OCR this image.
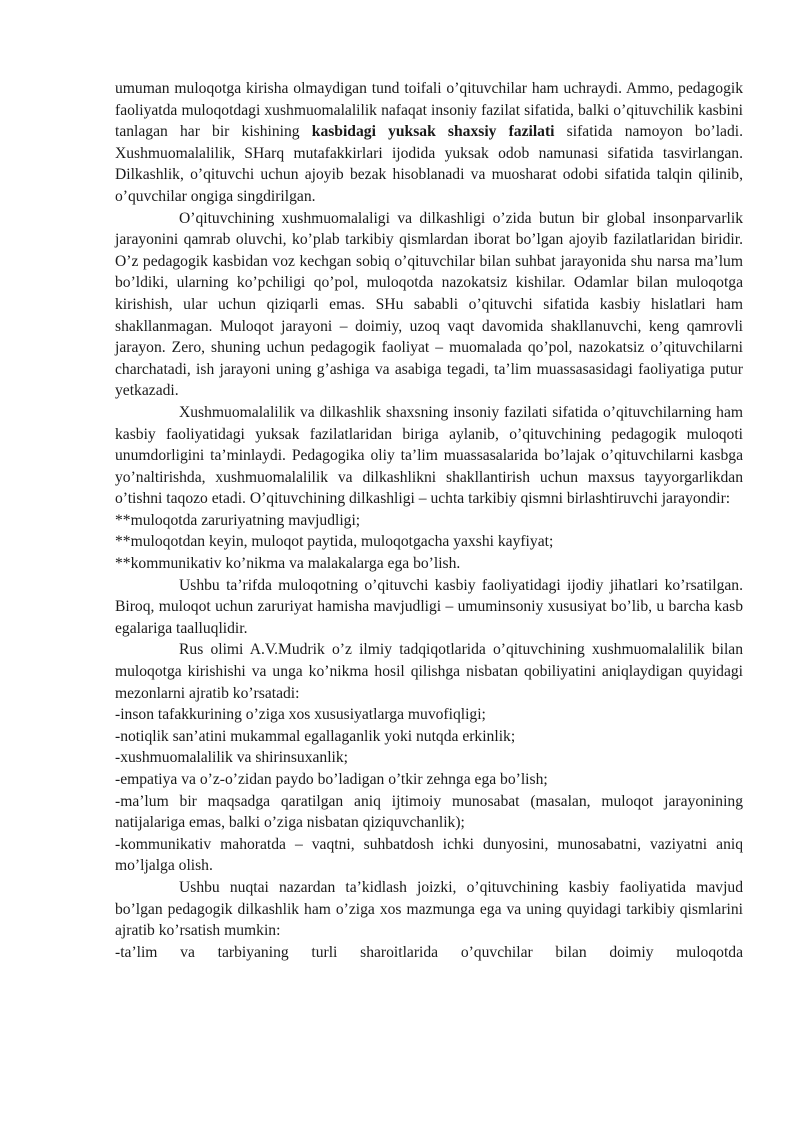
umuman muloqotga kirisha olmaydigan tund toifali o’qituvchilar ham uchraydi. Ammo, pedagogik faoliyatda muloqotdagi xushmuomalalilik nafaqat insoniy fazilat sifatida, balki o’qituvchilik kasbini tanlagan har bir kishining kasbidagi yuksak shaxsiy fazilati sifatida namoyon bo’ladi. Xushmuomalalilik, SHarq mutafakkirlari ijodida yuksak odob namunasi sifatida tasvirlangan. Dilkashlik, o’qituvchi uchun ajoyib bezak hisoblanadi va muosharat odobi sifatida talqin qilinib, o’quvchilar ongiga singdirilgan.

O’qituvchining xushmuomalaligi va dilkashligi o’zida butun bir global insonparvarlik jarayonini qamrab oluvchi, ko’plab tarkibiy qismlardan iborat bo’lgan ajoyib fazilatlaridan biridir. O’z pedagogik kasbidan voz kechgan sobiq o’qituvchilar bilan suhbat jarayonida shu narsa ma’lum bo’ldiki, ularning ko’pchiligi qo’pol, muloqotda nazokatsiz kishilar. Odamlar bilan muloqotga kirishish, ular uchun qiziqarli emas. SHu sababli o’qituvchi sifatida kasbiy hislatlari ham shakllanmagan. Muloqot jarayoni – doimiy, uzoq vaqt davomida shakllanuvchi, keng qamrovli jarayon. Zero, shuning uchun pedagogik faoliyat – muomalada qo’pol, nazokatsiz o’qituvchilarni charchatadi, ish jarayoni uning g’ashiga va asabiga tegadi, ta’lim muassasasidagi faoliyatiga putur yetkazadi.

Xushmuomalalilik va dilkashlik shaxsning insoniy fazilati sifatida o’qituvchilarning ham kasbiy faoliyatidagi yuksak fazilatlaridan biriga aylanib, o’qituvchining pedagogik muloqoti unumdorligini ta’minlaydi. Pedagogika oliy ta’lim muassasalarida bo’lajak o’qituvchilarni kasbga yo’naltirishda, xushmuomalalilik va dilkashlikni shakllantirish uchun maxsus tayyorgarlikdan o’tishni taqozo etadi. O’qituvchining dilkashligi – uchta tarkibiy qismni birlashtiruvchi jarayondir:

**muloqotda zaruriyatning mavjudligi;

**muloqotdan keyin, muloqot paytida, muloqotgacha yaxshi kayfiyat;

**kommunikativ ko’nikma va malakalarga ega bo’lish.

Ushbu ta’rifda muloqotning o’qituvchi kasbiy faoliyatidagi ijodiy jihatlari ko’rsatilgan. Biroq, muloqot uchun zaruriyat hamisha mavjudligi – umuminsoniy xususiyat bo’lib, u barcha kasb egalariga taalluqlidir.

Rus olimi A.V.Mudrik o’z ilmiy tadqiqotlarida o’qituvchining xushmuomalalilik bilan muloqotga kirishishi va unga ko’nikma hosil qilishga nisbatan qobiliyatini aniqlaydigan quyidagi mezonlarni ajratib ko’rsatadi:

-inson tafakkurining o’ziga xos xususiyatlarga muvofiqligi;

-notiqlik san’atini mukammal egallaganlik yoki nutqda erkinlik;

-xushmuomalalilik va shirinsuxanlik;

-empatiya va o’z-o’zidan paydo bo’ladigan o’tkir zehnga ega bo’lish;

-ma’lum bir maqsadga qaratilgan aniq ijtimoiy munosabat (masalan, muloqot jarayonining natijalariga emas, balki o’ziga nisbatan qiziquvchanlik);

-kommunikativ mahoratda – vaqtni, suhbatdosh ichki dunyosini, munosabatni, vaziyatni aniq mo’ljalga olish.

Ushbu nuqtai nazardan ta’kidlash joizki, o’qituvchining kasbiy faoliyatida mavjud bo’lgan pedagogik dilkashlik ham o’ziga xos mazmunga ega va uning quyidagi tarkibiy qismlarini ajratib ko’rsatish mumkin:

-ta’lim va tarbiyaning turli sharoitlarida o’quvchilar bilan doimiy muloqotda
